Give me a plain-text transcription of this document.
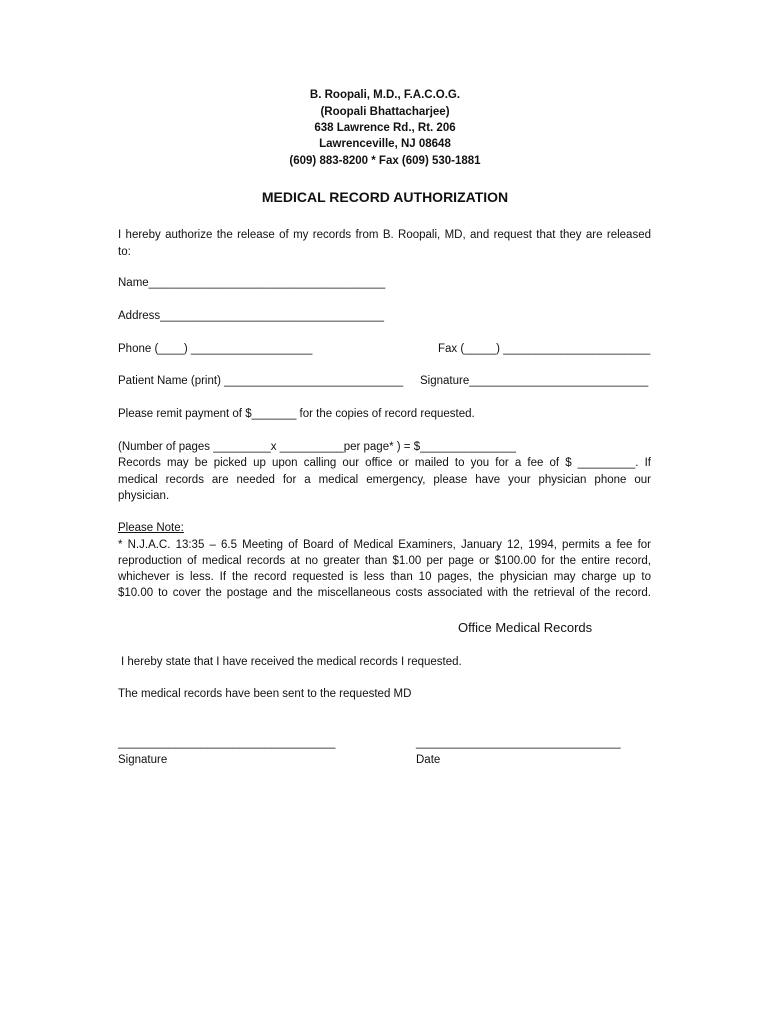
B. Roopali, M.D., F.A.C.O.G.
(Roopali Bhattacharjee)
638 Lawrence Rd., Rt. 206
Lawrenceville, NJ 08648
(609) 883-8200 * Fax (609) 530-1881
MEDICAL RECORD AUTHORIZATION
I hereby authorize the release of my records from B. Roopali, MD, and request that they are released
to:
Name_____________________________________
Address___________________________________
Phone (____) ___________________	Fax (_____) _______________________
Patient Name (print) ____________________________ Signature____________________________
Please remit payment of $_______ for the copies of record requested.
(Number of pages _________x __________per page* ) = $_______________
Records may be picked up upon calling our office or mailed to you for a fee of $ _________. If
medical records are needed for a medical emergency, please have your physician phone our
physician.
Please Note:
* N.J.A.C. 13:35 – 6.5 Meeting of Board of Medical Examiners, January 12, 1994, permits a fee for
reproduction of medical records at no greater than $1.00 per page or $100.00 for the entire record,
whichever is less. If the record requested is less than 10 pages, the physician may charge up to
$10.00 to cover the postage and the miscellaneous costs associated with the retrieval of the record.
Office Medical Records
I hereby state that I have received the medical records I requested.
The medical records have been sent to the requested MD
__________________________________	________________________________
Signature	Date
